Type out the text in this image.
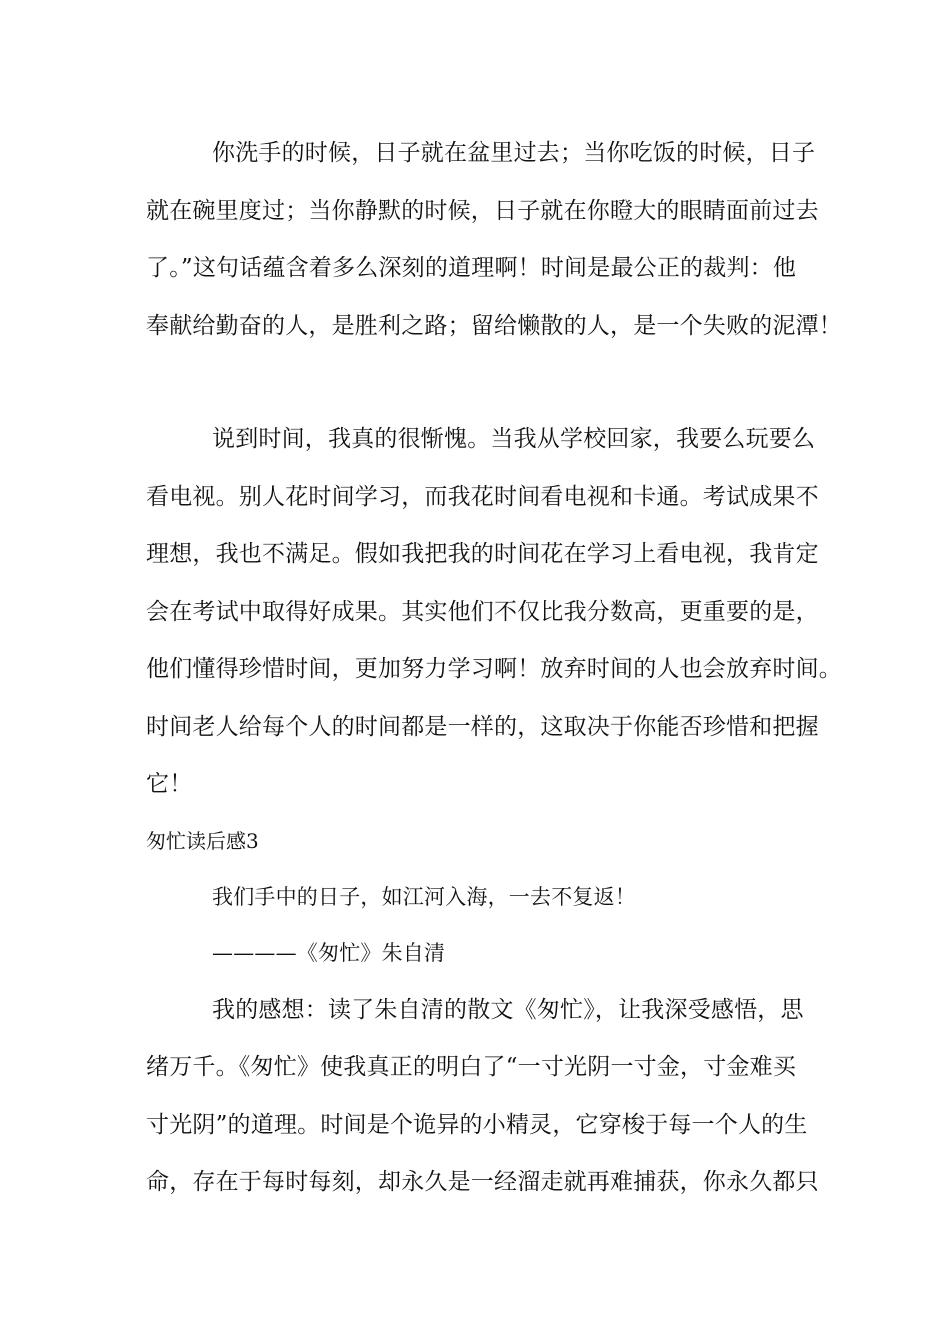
你洗手的时候，日子就在盆里过去；当你吃饭的时候，日子
就在碗里度过；当你静默的时候，日子就在你瞪大的眼睛面前过去
了。”这句话蕴含着多么深刻的道理啊！时间是最公正的裁判：他
奉献给勤奋的人，是胜利之路；留给懒散的人，是一个失败的泥潭！
说到时间，我真的很惭愧。当我从学校回家，我要么玩要么
看电视。别人花时间学习，而我花时间看电视和卡通。考试成果不
理想，我也不满足。假如我把我的时间花在学习上看电视，我肯定
会在考试中取得好成果。其实他们不仅比我分数高，更重要的是，
他们懂得珍惜时间，更加努力学习啊！放弃时间的人也会放弃时间。
时间老人给每个人的时间都是一样的，这取决于你能否珍惜和把握
它！
匆忙读后感3
我们手中的日子，如江河入海，一去不复返！
————《匆忙》朱自清
我的感想：读了朱自清的散文《匆忙》，让我深受感悟，思
绪万千。《匆忙》使我真正的明白了“一寸光阴一寸金，寸金难买
寸光阴”的道理。时间是个诡异的小精灵，它穿梭于每一个人的生
命，存在于每时每刻，却永久是一经溜走就再难捕获，你永久都只
